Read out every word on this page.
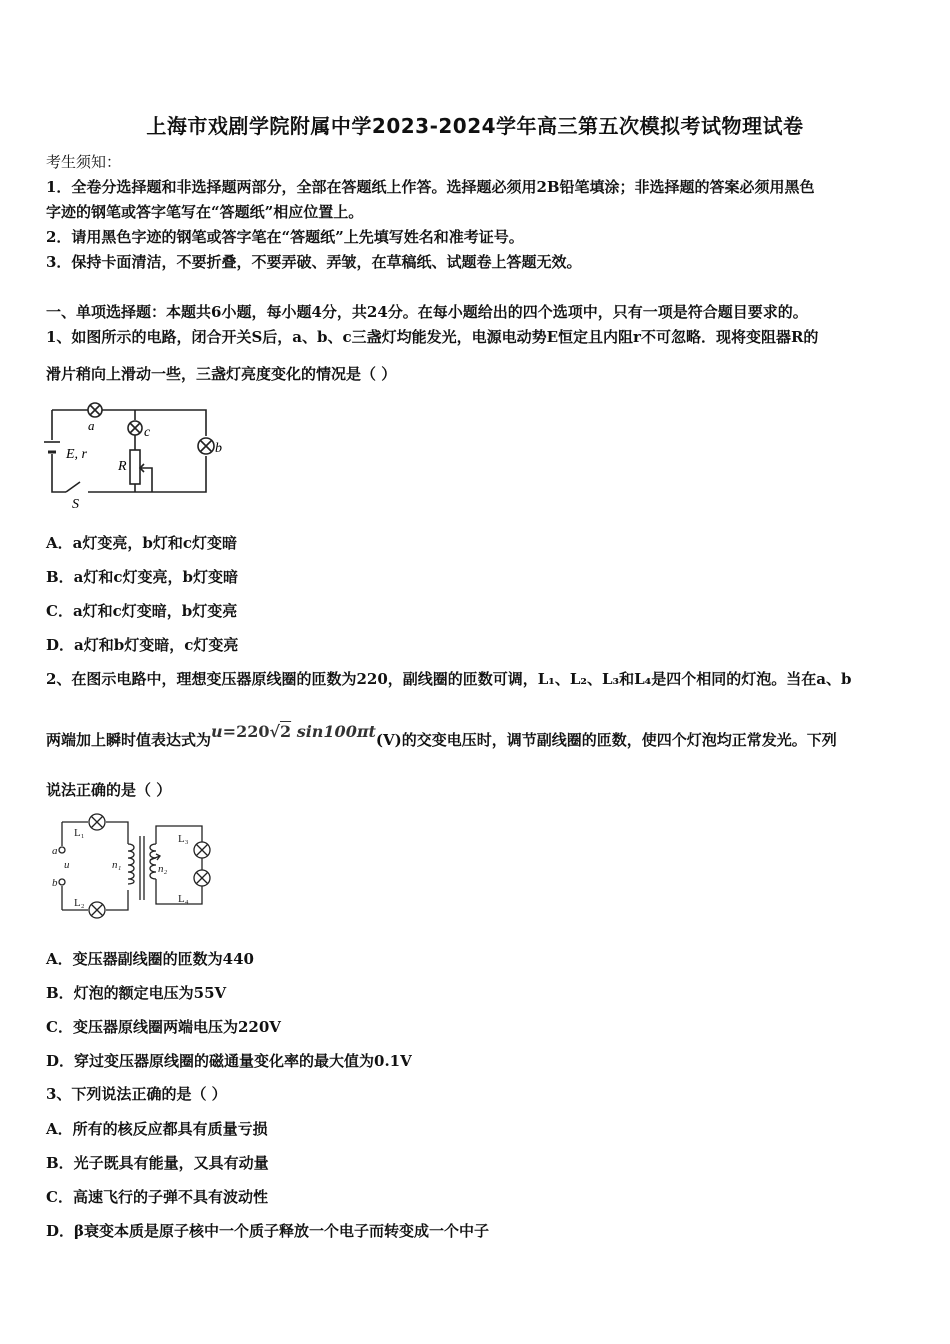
上海市戏剧学院附属中学2023-2024学年高三第五次模拟考试物理试卷
考生须知：
1．全卷分选择题和非选择题两部分，全部在答题纸上作答。选择题必须用2B铅笔填涂；非选择题的答案必须用黑色
字迹的钢笔或答字笔写在“答题纸”相应位置上。
2．请用黑色字迹的钢笔或答字笔在“答题纸”上先填写姓名和准考证号。
3．保持卡面清洁，不要折叠，不要弄破、弄皱，在草稿纸、试题卷上答题无效。
一、单项选择题：本题共6小题，每小题4分，共24分。在每小题给出的四个选项中，只有一项是符合题目要求的。
1、如图所示的电路，闭合开关S后，a、b、c三盏灯均能发光，电源电动势E恒定且内阻r不可忽略．现将变阻器R的
滑片稍向上滑动一些，三盏灯亮度变化的情况是（ ）
a	c
b
E, r
R
S
A．a灯变亮，b灯和c灯变暗
B．a灯和c灯变亮，b灯变暗
C．a灯和c灯变暗，b灯变亮
D．a灯和b灯变暗，c灯变亮
2、在图示电路中，理想变压器原线圈的匝数为220，副线圈的匝数可调，L₁、L₂、L₃和L₄是四个相同的灯泡。当在a、b
两端加上瞬时值表达式为u=220√2 sin100πt(V)的交变电压时，调节副线圈的匝数，使四个灯泡均正常发光。下列
说法正确的是（ ）
L₁
L₂
L₃
L₄
a
u
b
n₁	n₂
A．变压器副线圈的匝数为440
B．灯泡的额定电压为55V
C．变压器原线圈两端电压为220V
D．穿过变压器原线圈的磁通量变化率的最大值为0.1V
3、下列说法正确的是（ ）
A．所有的核反应都具有质量亏损
B．光子既具有能量，又具有动量
C．高速飞行的子弹不具有波动性
D．β衰变本质是原子核中一个质子释放一个电子而转变成一个中子
